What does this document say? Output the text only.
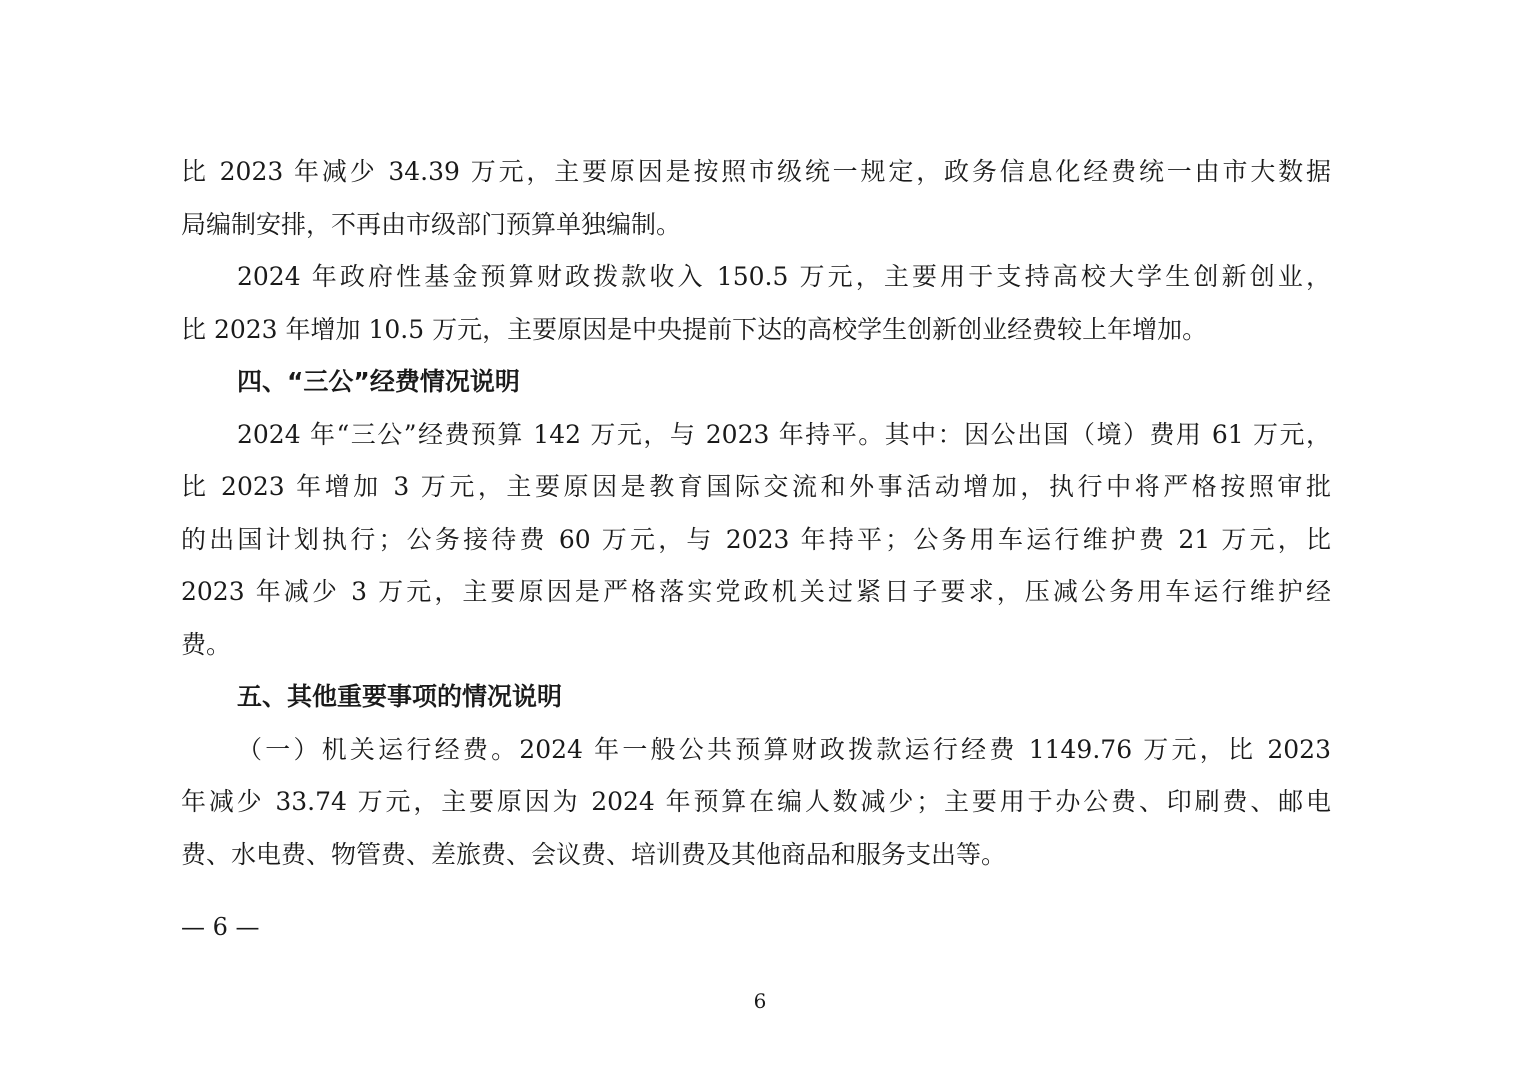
比 2023 年减少 34.39 万元，主要原因是按照市级统一规定，政务信息化经费统一由市大数据
局编制安排，不再由市级部门预算单独编制。
2024 年政府性基金预算财政拨款收入 150.5 万元，主要用于支持高校大学生创新创业，
比 2023 年增加 10.5 万元，主要原因是中央提前下达的高校学生创新创业经费较上年增加。
四、“三公”经费情况说明
2024 年“三公”经费预算 142 万元，与 2023 年持平。其中：因公出国（境）费用 61 万元，
比 2023 年增加 3 万元，主要原因是教育国际交流和外事活动增加，执行中将严格按照审批
的出国计划执行；公务接待费 60 万元，与 2023 年持平；公务用车运行维护费 21 万元，比
2023 年减少 3 万元，主要原因是严格落实党政机关过紧日子要求，压减公务用车运行维护经
费。
五、其他重要事项的情况说明
（一）机关运行经费。2024 年一般公共预算财政拨款运行经费 1149.76 万元，比 2023
年减少 33.74 万元，主要原因为 2024 年预算在编人数减少；主要用于办公费、印刷费、邮电
费、水电费、物管费、差旅费、会议费、培训费及其他商品和服务支出等。
— 6 —
6
